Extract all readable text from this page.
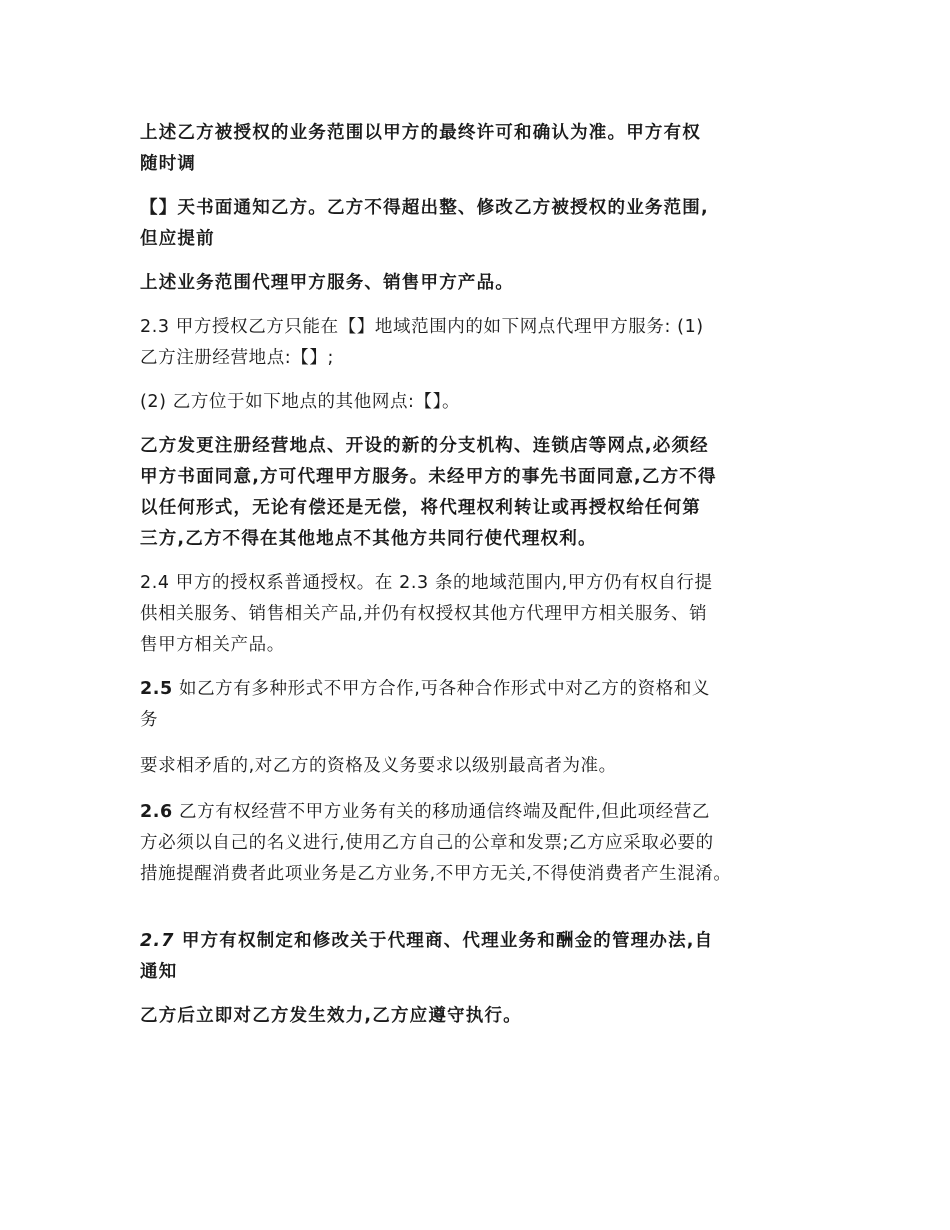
上述乙方被授权的业务范围以甲方的最终许可和确认为准。甲方有权
随时调

【】天书面通知乙方。乙方不得超出整、修改乙方被授权的业务范围,
但应提前

上述业务范围代理甲方服务、销售甲方产品。

2.3 甲方授权乙方只能在【】地域范围内的如下网点代理甲方服务: (1)
乙方注册经营地点:【】;

(2) 乙方位于如下地点的其他网点:【】。

乙方发更注册经营地点、开设的新的分支机构、连锁店等网点,必须经
甲方书面同意,方可代理甲方服务。未经甲方的事先书面同意,乙方不得
以任何形式，无论有偿还是无偿，将代理权利转让或再授权给任何第
三方,乙方不得在其他地点不其他方共同行使代理权利。

2.4 甲方的授权系普通授权。在 2.3 条的地域范围内,甲方仍有权自行提
供相关服务、销售相关产品,并仍有权授权其他方代理甲方相关服务、销
售甲方相关产品。

2.5 如乙方有多种形式不甲方合作,丏各种合作形式中对乙方的资格和义
务

要求相矛盾的,对乙方的资格及义务要求以级别最高者为准。

2.6 乙方有权经营不甲方业务有关的移劢通信终端及配件,但此项经营乙
方必须以自己的名义进行,使用乙方自己的公章和发票;乙方应采取必要的
措施提醒消费者此项业务是乙方业务,不甲方无关,不得使消费者产生混淆。

2.7 甲方有权制定和修改关于代理商、代理业务和酬金的管理办法,自
通知

乙方后立即对乙方发生效力,乙方应遵守执行。
